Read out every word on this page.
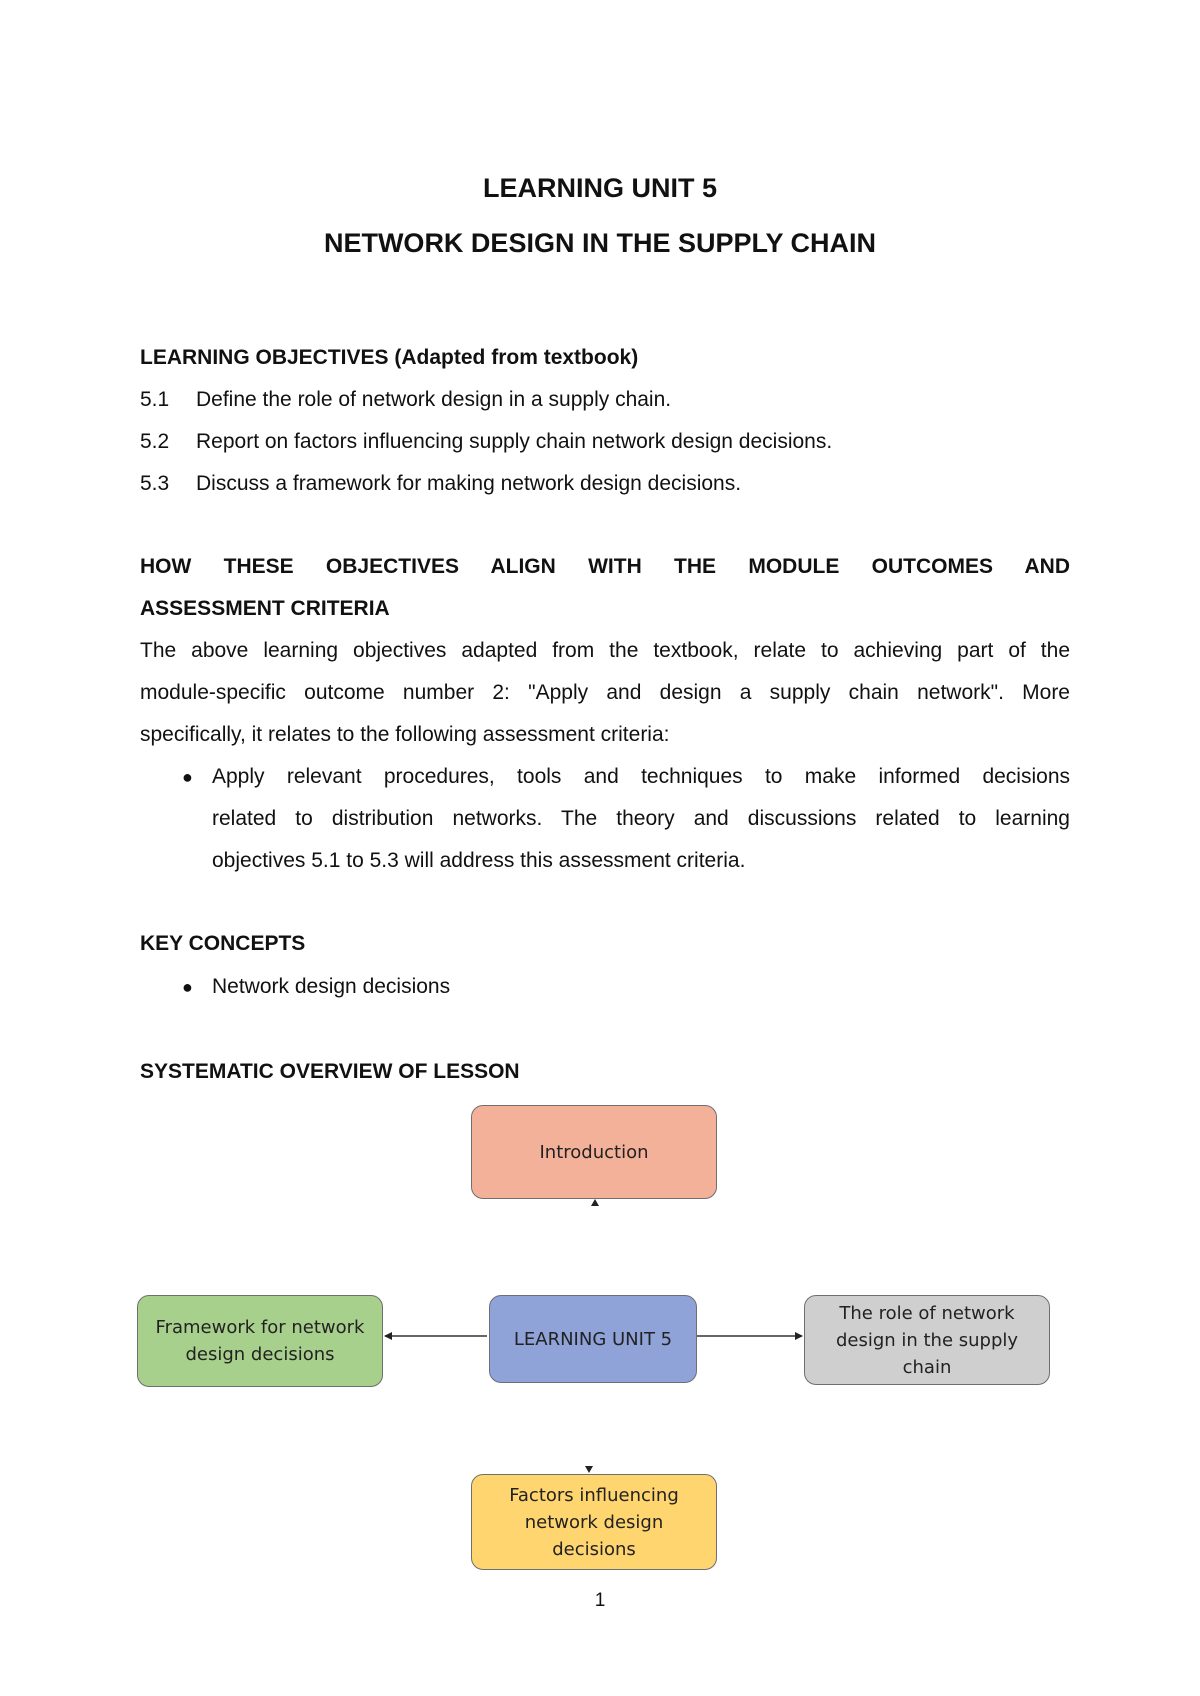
LEARNING UNIT 5
NETWORK DESIGN IN THE SUPPLY CHAIN

LEARNING OBJECTIVES (Adapted from textbook)

5.1 Define the role of network design in a supply chain.

5.2 Report on factors influencing supply chain network design decisions.

5.3 Discuss a framework for making network design decisions.

HOW THESE OBJECTIVES ALIGN WITH THE MODULE OUTCOMES AND

ASSESSMENT CRITERIA

The above learning objectives adapted from the textbook, relate to achieving part of the

module-specific outcome number 2: "Apply and design a supply chain network". More

specifically, it relates to the following assessment criteria:

● Apply relevant procedures, tools and techniques to make informed decisions

related to distribution networks. The theory and discussions related to learning

objectives 5.1 to 5.3 will address this assessment criteria.

KEY CONCEPTS

● Network design decisions

SYSTEMATIC OVERVIEW OF LESSON

Introduction
Framework for network
design decisions
LEARNING UNIT 5
The role of network
design in the supply
chain
Factors influencing
network design
decisions
1
